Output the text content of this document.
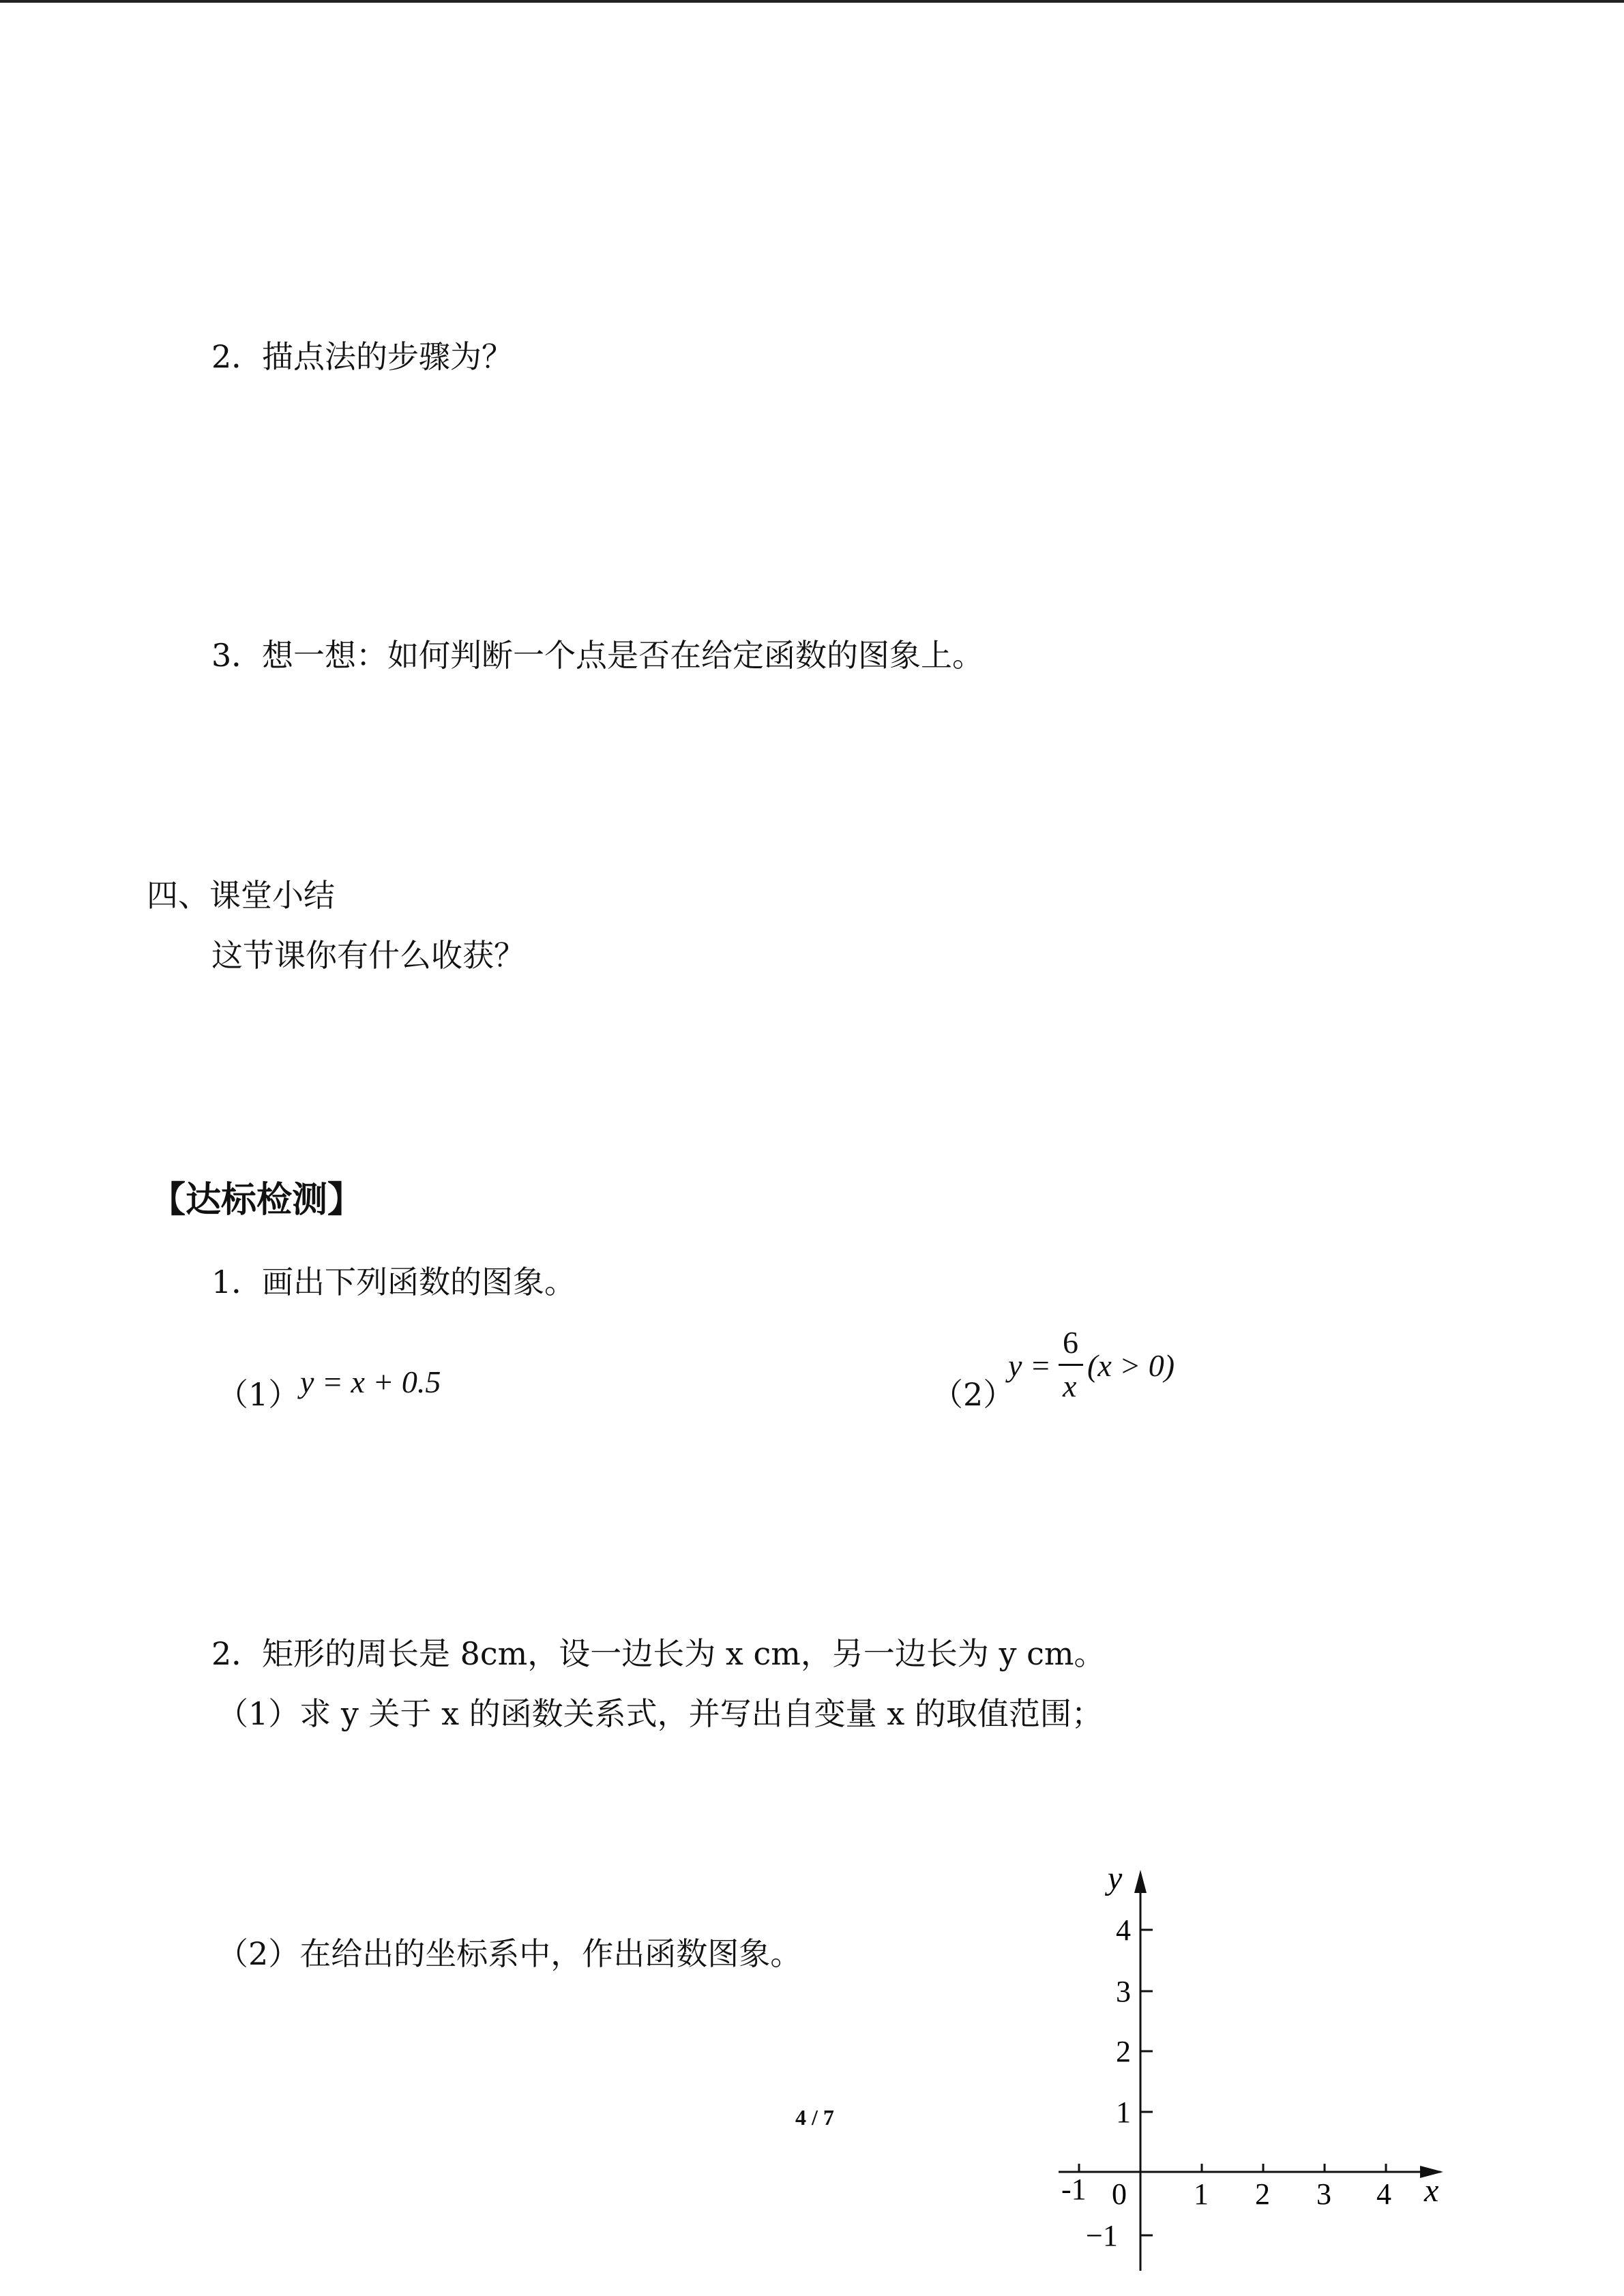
2．
描点法的步骤为？
3．
想一想：如何判断一个点是否在给定函数的图象上。
四、课堂小结
这节课你有什么收获？
【达标检测】
1．
画出下列函数的图象。
（1） y = x + 0.5	（2）
y =
6
x
(x > 0)
2．
矩形的周长是 8cm，设一边长为 x cm，另一边长为 y cm。
（1）求 y 关于 x 的函数关系式，并写出自变量 x 的取值范围；
（2）在给出的坐标系中，作出函数图象。
4 / 7
-1 0 1 2 3 4 x
4
3
2
1
−1
y
